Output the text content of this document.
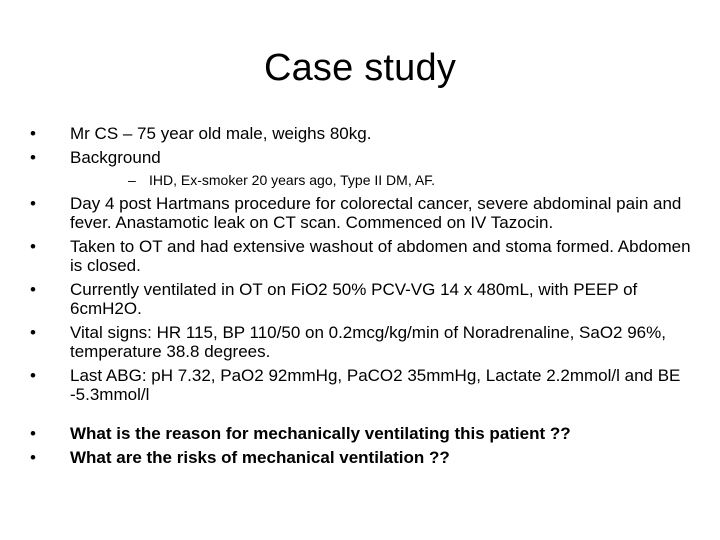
Case study
•	Mr CS – 75 year old male, weighs 80kg.
•	Background
– IHD, Ex-smoker 20 years ago, Type II DM, AF.
•	Day 4 post Hartmans procedure for colorectal cancer, severe abdominal pain and fever. Anastamotic leak on CT scan. Commenced on IV Tazocin.
•	Taken to OT and had extensive washout of abdomen and stoma formed. Abdomen is closed.
•	Currently ventilated in OT on FiO2 50% PCV-VG 14 x 480mL, with PEEP of 6cmH2O.
•	Vital signs: HR 115, BP 110/50 on 0.2mcg/kg/min of Noradrenaline, SaO2 96%, temperature 38.8 degrees.
•	Last ABG: pH 7.32, PaO2 92mmHg, PaCO2 35mmHg, Lactate 2.2mmol/l and BE -5.3mmol/l
•	What is the reason for mechanically ventilating this patient ??
•	What are the risks of mechanical ventilation ??
